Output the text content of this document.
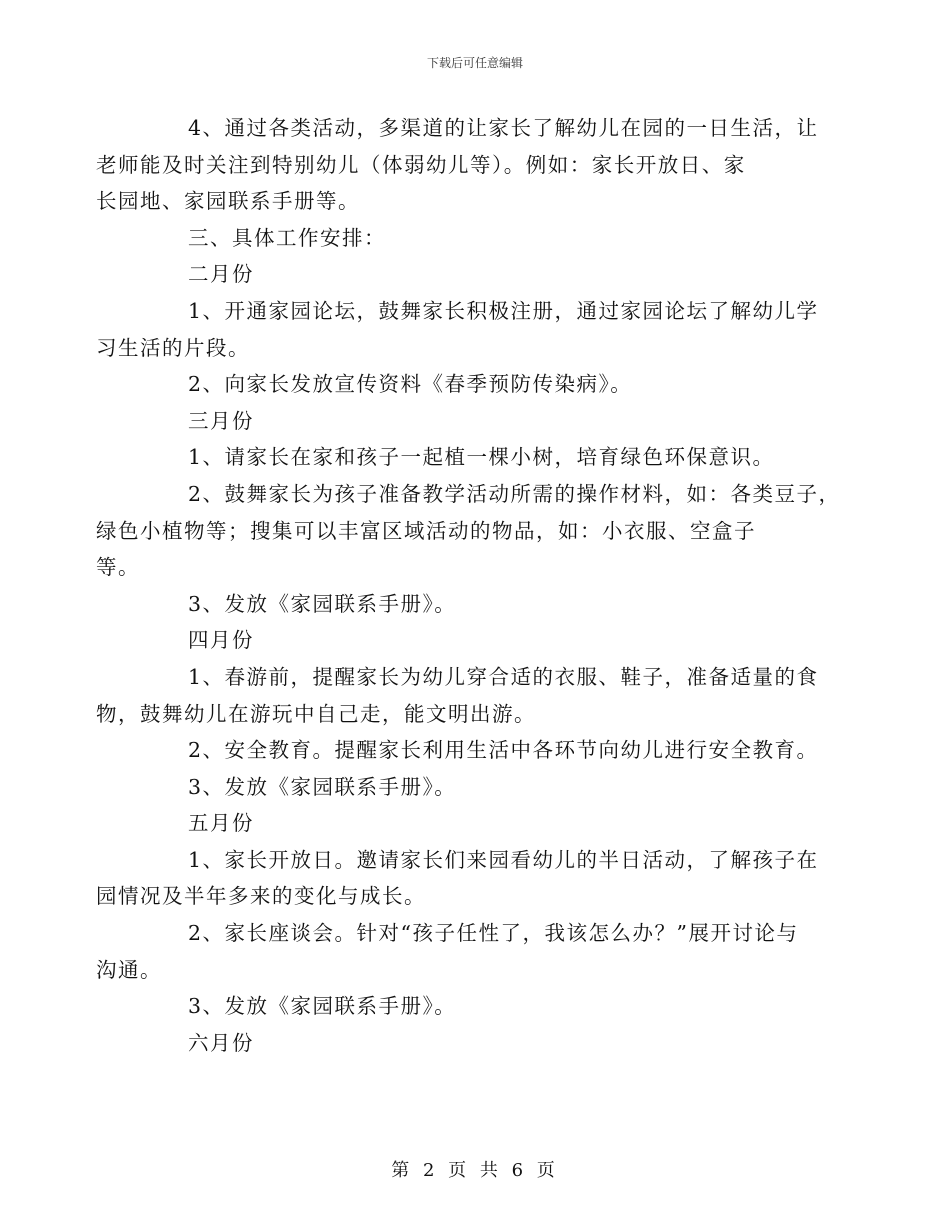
下载后可任意编辑

4、通过各类活动，多渠道的让家长了解幼儿在园的一日生活，让
老师能及时关注到特别幼儿（体弱幼儿等）。例如：家长开放日、家
长园地、家园联系手册等。

三、具体工作安排：

二月份

1、开通家园论坛，鼓舞家长积极注册，通过家园论坛了解幼儿学
习生活的片段。

2、向家长发放宣传资料《春季预防传染病》。

三月份

1、请家长在家和孩子一起植一棵小树，培育绿色环保意识。

2、鼓舞家长为孩子准备教学活动所需的操作材料，如：各类豆子，
绿色小植物等；搜集可以丰富区域活动的物品，如：小衣服、空盒子
等。

3、发放《家园联系手册》。

四月份

1、春游前，提醒家长为幼儿穿合适的衣服、鞋子，准备适量的食
物，鼓舞幼儿在游玩中自己走，能文明出游。

2、安全教育。提醒家长利用生活中各环节向幼儿进行安全教育。

3、发放《家园联系手册》。

五月份

1、家长开放日。邀请家长们来园看幼儿的半日活动，了解孩子在
园情况及半年多来的变化与成长。

2、家长座谈会。针对“孩子任性了，我该怎么办？”展开讨论与
沟通。

3、发放《家园联系手册》。

六月份

第 2 页 共 6 页
